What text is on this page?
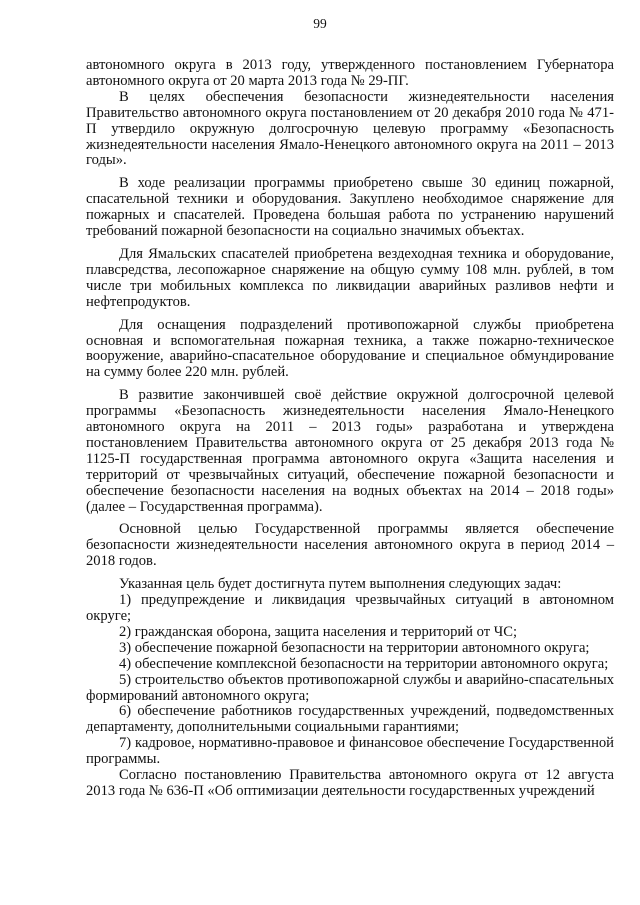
99

автономного округа в 2013 году, утвержденного постановлением Губернатора автономного округа от 20 марта 2013 года № 29-ПГ.

В целях обеспечения безопасности жизнедеятельности населения Правительство автономного округа постановлением от 20 декабря 2010 года № 471-П утвердило окружную долгосрочную целевую программу «Безопасность жизнедеятельности населения Ямало-Ненецкого автономного округа на 2011 – 2013 годы».

В ходе реализации программы приобретено свыше 30 единиц пожарной, спасательной техники и оборудования. Закуплено необходимое снаряжение для пожарных и спасателей. Проведена большая работа по устранению нарушений требований пожарной безопасности на социально значимых объектах.

Для Ямальских спасателей приобретена вездеходная техника и оборудование, плавсредства, лесопожарное снаряжение на общую сумму 108 млн. рублей, в том числе три мобильных комплекса по ликвидации аварийных разливов нефти и нефтепродуктов.

Для оснащения подразделений противопожарной службы приобретена основная и вспомогательная пожарная техника, а также пожарно-техническое вооружение, аварийно-спасательное оборудование и специальное обмундирование на сумму более 220 млн. рублей.

В развитие закончившей своё действие окружной долгосрочной целевой программы «Безопасность жизнедеятельности населения Ямало-Ненецкого автономного округа на 2011 – 2013 годы» разработана и утверждена постановлением Правительства автономного округа от 25 декабря 2013 года № 1125-П государственная программа автономного округа «Защита населения и территорий от чрезвычайных ситуаций, обеспечение пожарной безопасности и обеспечение безопасности населения на водных объектах на 2014 – 2018 годы» (далее – Государственная программа).

Основной целью Государственной программы является обеспечение безопасности жизнедеятельности населения автономного округа в период 2014 – 2018 годов.

Указанная цель будет достигнута путем выполнения следующих задач:

1) предупреждение и ликвидация чрезвычайных ситуаций в автономном округе;

2) гражданская оборона, защита населения и территорий от ЧС;

3) обеспечение пожарной безопасности на территории автономного округа;

4) обеспечение комплексной безопасности на территории автономного округа;

5) строительство объектов противопожарной службы и аварийно-спасательных формирований автономного округа;

6) обеспечение работников государственных учреждений, подведомственных департаменту, дополнительными социальными гарантиями;

7) кадровое, нормативно-правовое и финансовое обеспечение Государственной программы.

Согласно постановлению Правительства автономного округа от 12 августа 2013 года № 636-П «Об оптимизации деятельности государственных учреждений
